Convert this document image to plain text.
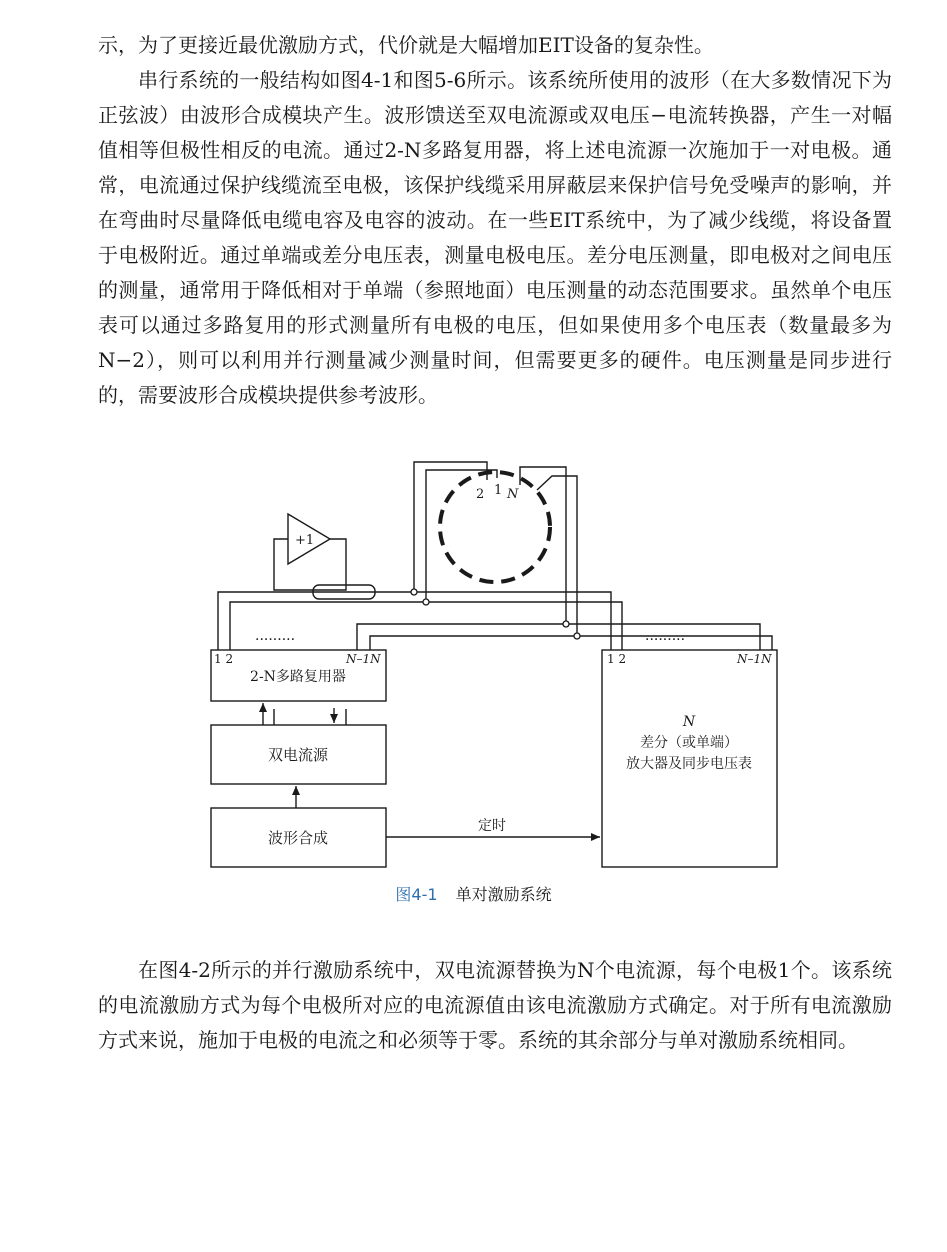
示，为了更接近最优激励方式，代价就是大幅增加EIT设备的复杂性。

串行系统的一般结构如图4-1和图5-6所示。该系统所使用的波形（在大多数情况下为正弦波）由波形合成模块产生。波形馈送至双电流源或双电压−电流转换器，产生一对幅值相等但极性相反的电流。通过2-N多路复用器，将上述电流源一次施加于一对电极。通常，电流通过保护线缆流至电极，该保护线缆采用屏蔽层来保护信号免受噪声的影响，并在弯曲时尽量降低电缆电容及电容的波动。在一些EIT系统中，为了减少线缆，将设备置于电极附近。通过单端或差分电压表，测量电极电压。差分电压测量，即电极对之间电压的测量，通常用于降低相对于单端（参照地面）电压测量的动态范围要求。虽然单个电压表可以通过多路复用的形式测量所有电极的电压，但如果使用多个电压表（数量最多为N−2），则可以利用并行测量减少测量时间，但需要更多的硬件。电压测量是同步进行的，需要波形合成模块提供参考波形。

+1
2 1 N
·········
1 2	N–1N
2-N多路复用器
双电流源
波形合成
定时
·········
1 2	N–1N
N
差分（或单端）
放大器及同步电压表
图4-1 单对激励系统

在图4-2所示的并行激励系统中，双电流源替换为N个电流源，每个电极1个。该系统的电流激励方式为每个电极所对应的电流源值由该电流激励方式确定。对于所有电流激励方式来说，施加于电极的电流之和必须等于零。系统的其余部分与单对激励系统相同。
